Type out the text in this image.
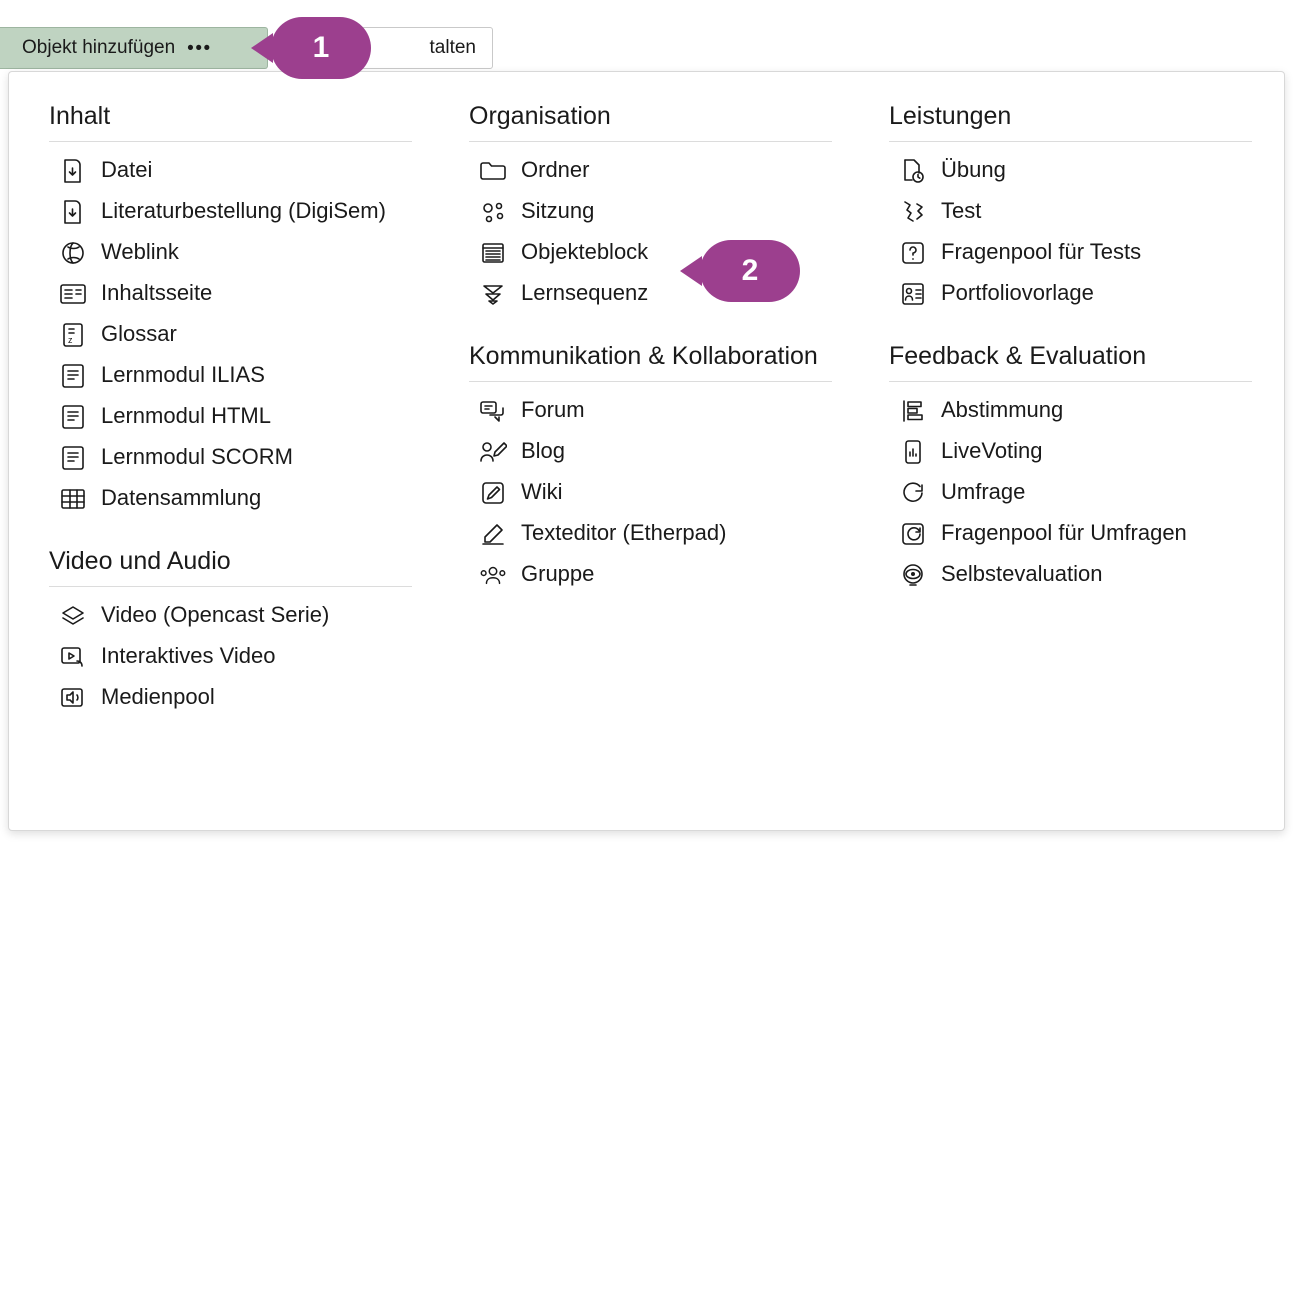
Objekt hinzufügen •••	talten
Inhalt
Datei
Literaturbestellung (DigiSem)
Weblink
Inhaltsseite
z Glossar
Lernmodul ILIAS
Lernmodul HTML
Lernmodul SCORM
Datensammlung
Video und Audio
Video (Opencast Serie)
Interaktives Video
Medienpool
Organisation
Ordner
Sitzung
Objekteblock
Lernsequenz
Kommunikation & Kollaboration
Forum
Blog
Wiki
Texteditor (Etherpad)
Gruppe
Leistungen
Übung
Test
Fragenpool für Tests
Portfoliovorlage
Feedback & Evaluation
Abstimmung
LiveVoting
Umfrage
Fragenpool für Umfragen
Selbstevaluation
1
2
